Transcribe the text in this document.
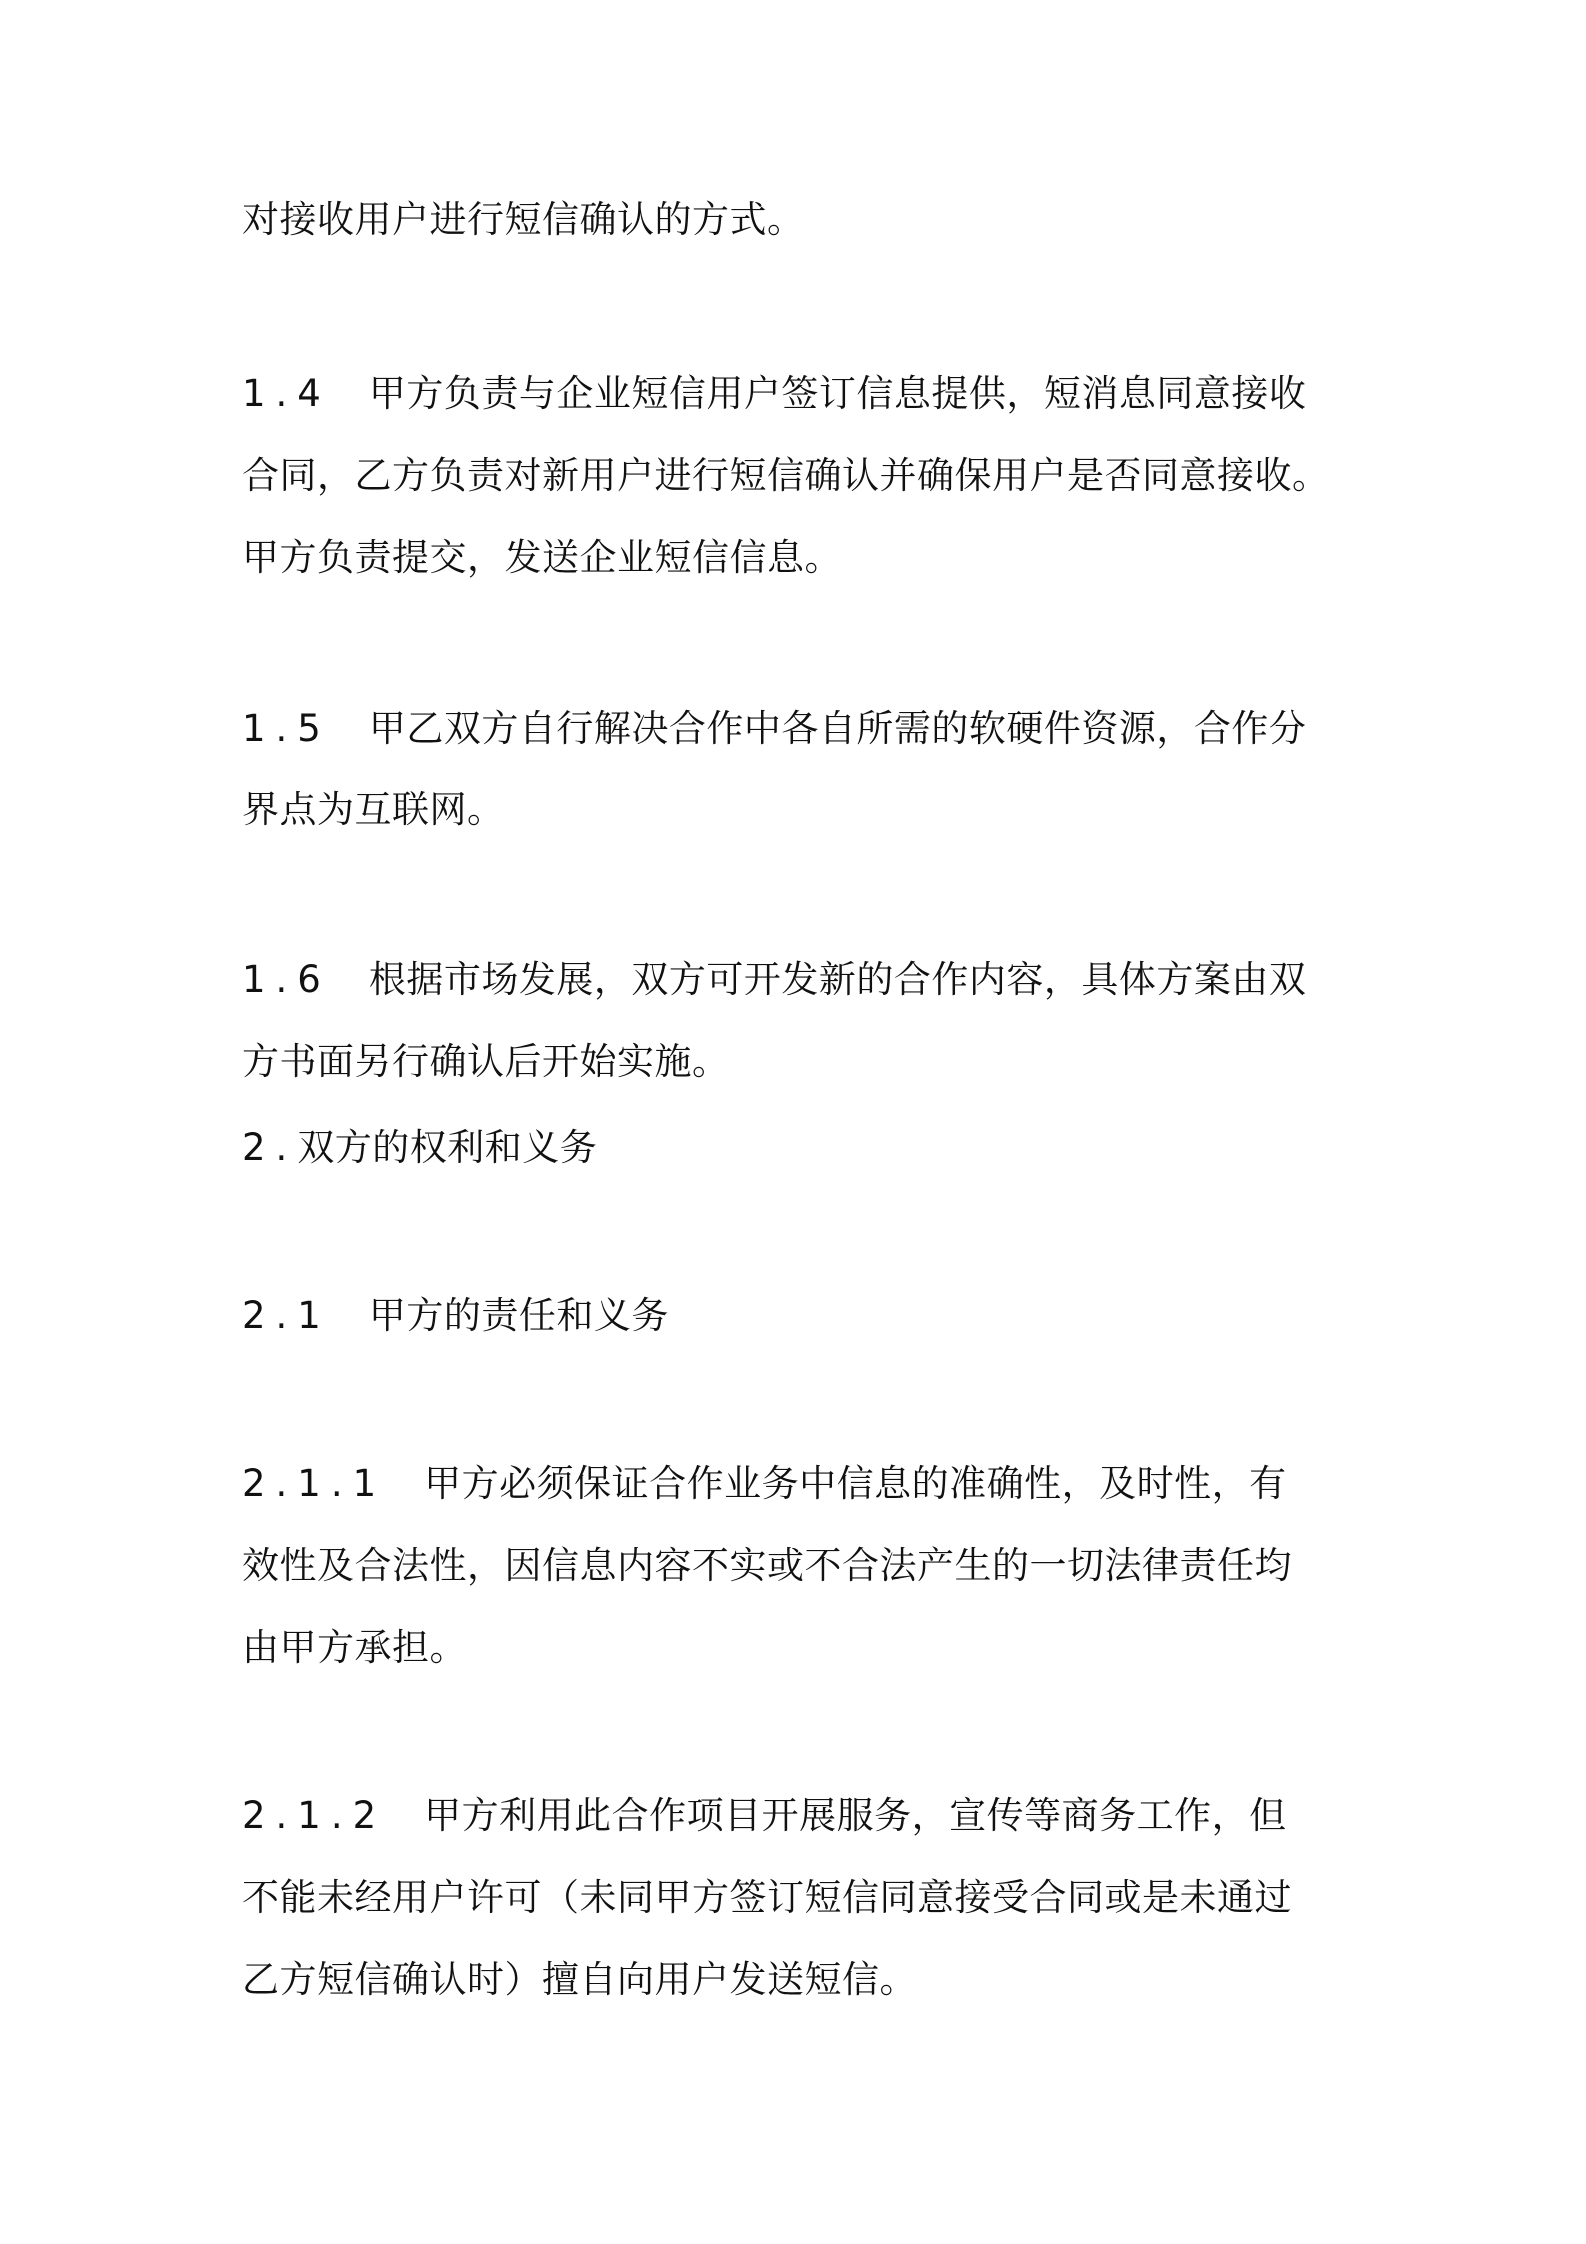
对接收用户进行短信确认的方式。
1.4 甲方负责与企业短信用户签订信息提供，短消息同意接收
合同，乙方负责对新用户进行短信确认并确保用户是否同意接收。
甲方负责提交，发送企业短信信息。
1.5 甲乙双方自行解决合作中各自所需的软硬件资源，合作分
界点为互联网。
1.6 根据市场发展，双方可开发新的合作内容，具体方案由双
方书面另行确认后开始实施。
2.双方的权利和义务
2.1 甲方的责任和义务
2.1.1 甲方必须保证合作业务中信息的准确性，及时性，有
效性及合法性，因信息内容不实或不合法产生的一切法律责任均
由甲方承担。
2.1.2 甲方利用此合作项目开展服务，宣传等商务工作，但
不能未经用户许可（未同甲方签订短信同意接受合同或是未通过
乙方短信确认时）擅自向用户发送短信。
